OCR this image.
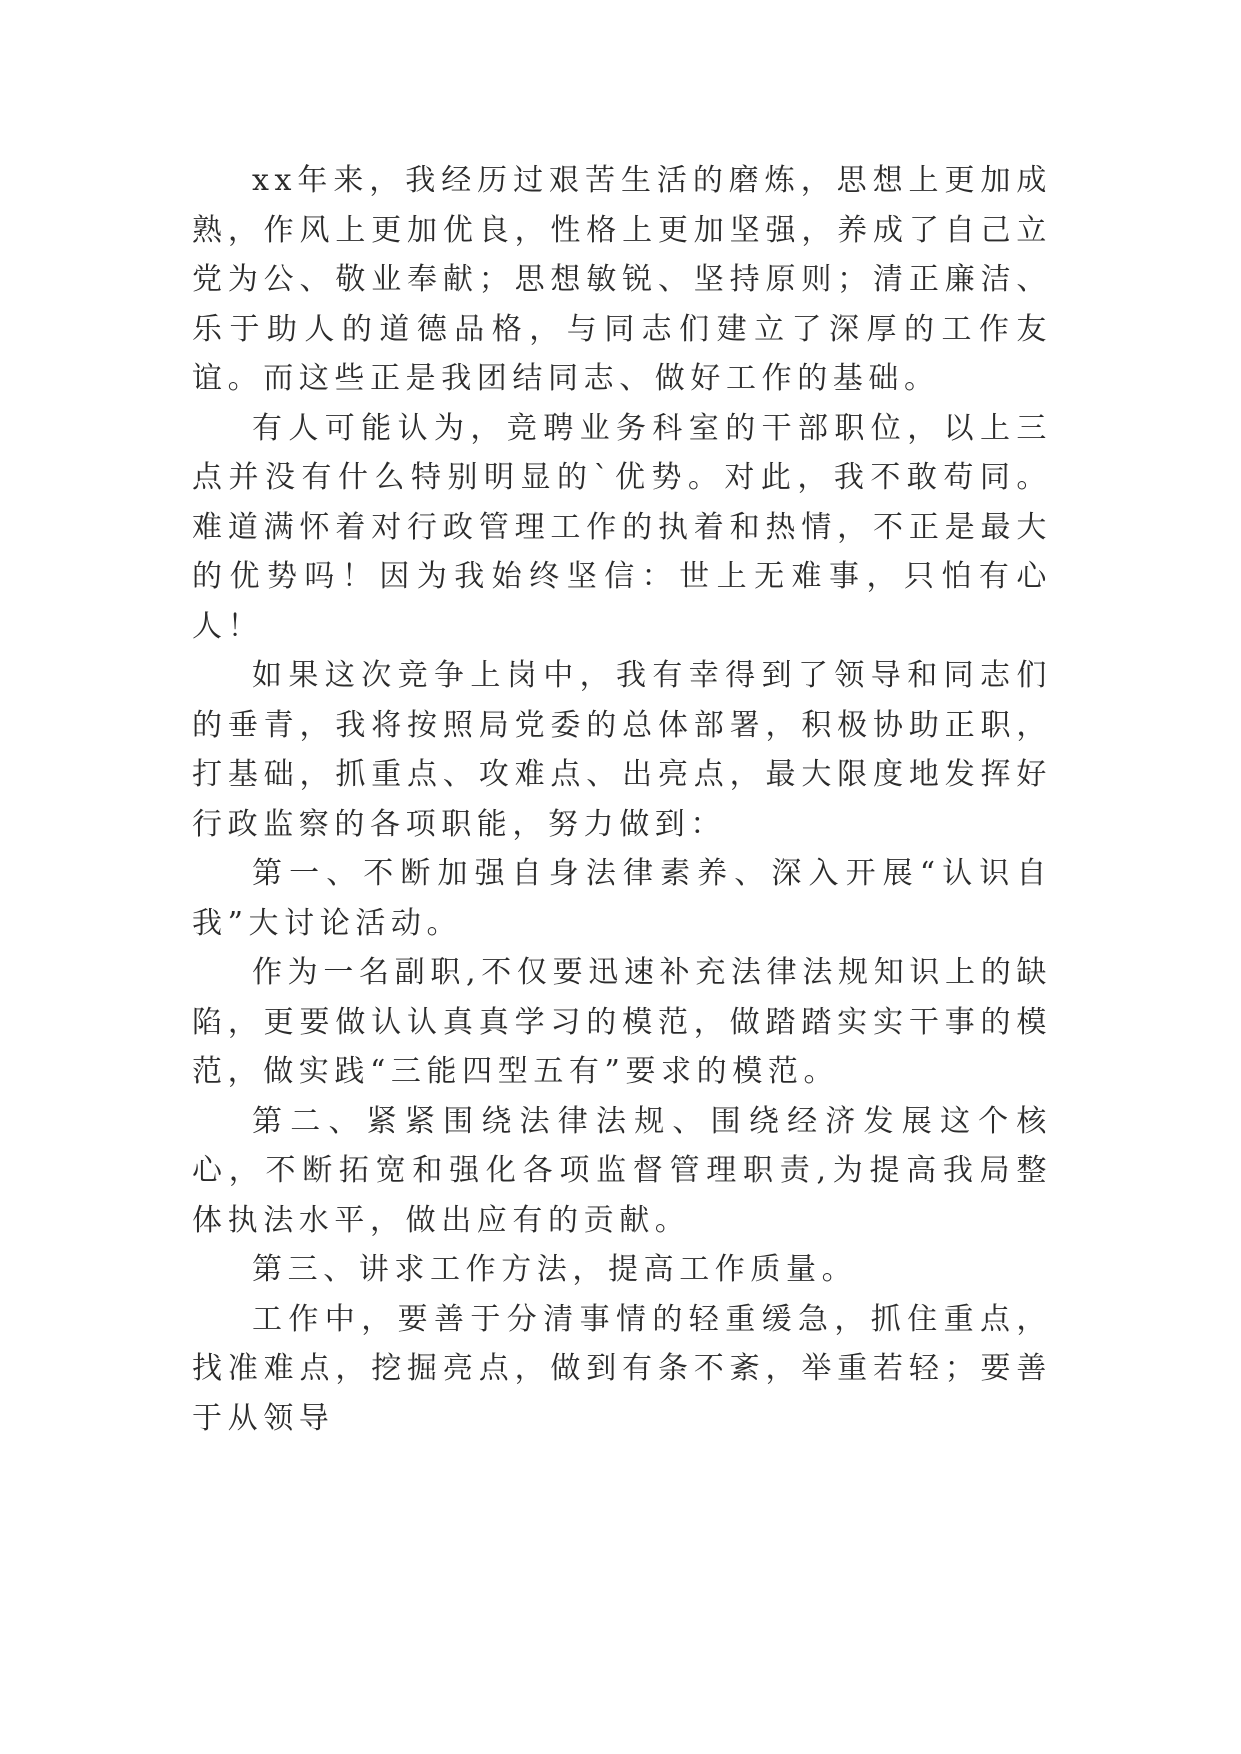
xx年来，我经历过艰苦生活的磨炼，思想上更加成熟，作风上更加优良，性格上更加坚强，养成了自己立党为公、敬业奉献；思想敏锐、坚持原则；清正廉洁、乐于助人的道德品格，与同志们建立了深厚的工作友谊。而这些正是我团结同志、做好工作的基础。

有人可能认为，竞聘业务科室的干部职位，以上三点并没有什么特别明显的`优势。对此，我不敢苟同。难道满怀着对行政管理工作的执着和热情，不正是最大的优势吗！因为我始终坚信：世上无难事，只怕有心人！

如果这次竞争上岗中，我有幸得到了领导和同志们的垂青，我将按照局党委的总体部署，积极协助正职，打基础，抓重点、攻难点、出亮点，最大限度地发挥好行政监察的各项职能，努力做到：

第一、不断加强自身法律素养、深入开展“认识自我”大讨论活动。

作为一名副职,不仅要迅速补充法律法规知识上的缺陷，更要做认认真真学习的模范，做踏踏实实干事的模范，做实践“三能四型五有”要求的模范。

第二、紧紧围绕法律法规、围绕经济发展这个核心，不断拓宽和强化各项监督管理职责,为提高我局整体执法水平，做出应有的贡献。

第三、讲求工作方法，提高工作质量。

工作中，要善于分清事情的轻重缓急，抓住重点，找准难点，挖掘亮点，做到有条不紊，举重若轻；要善于从领导
